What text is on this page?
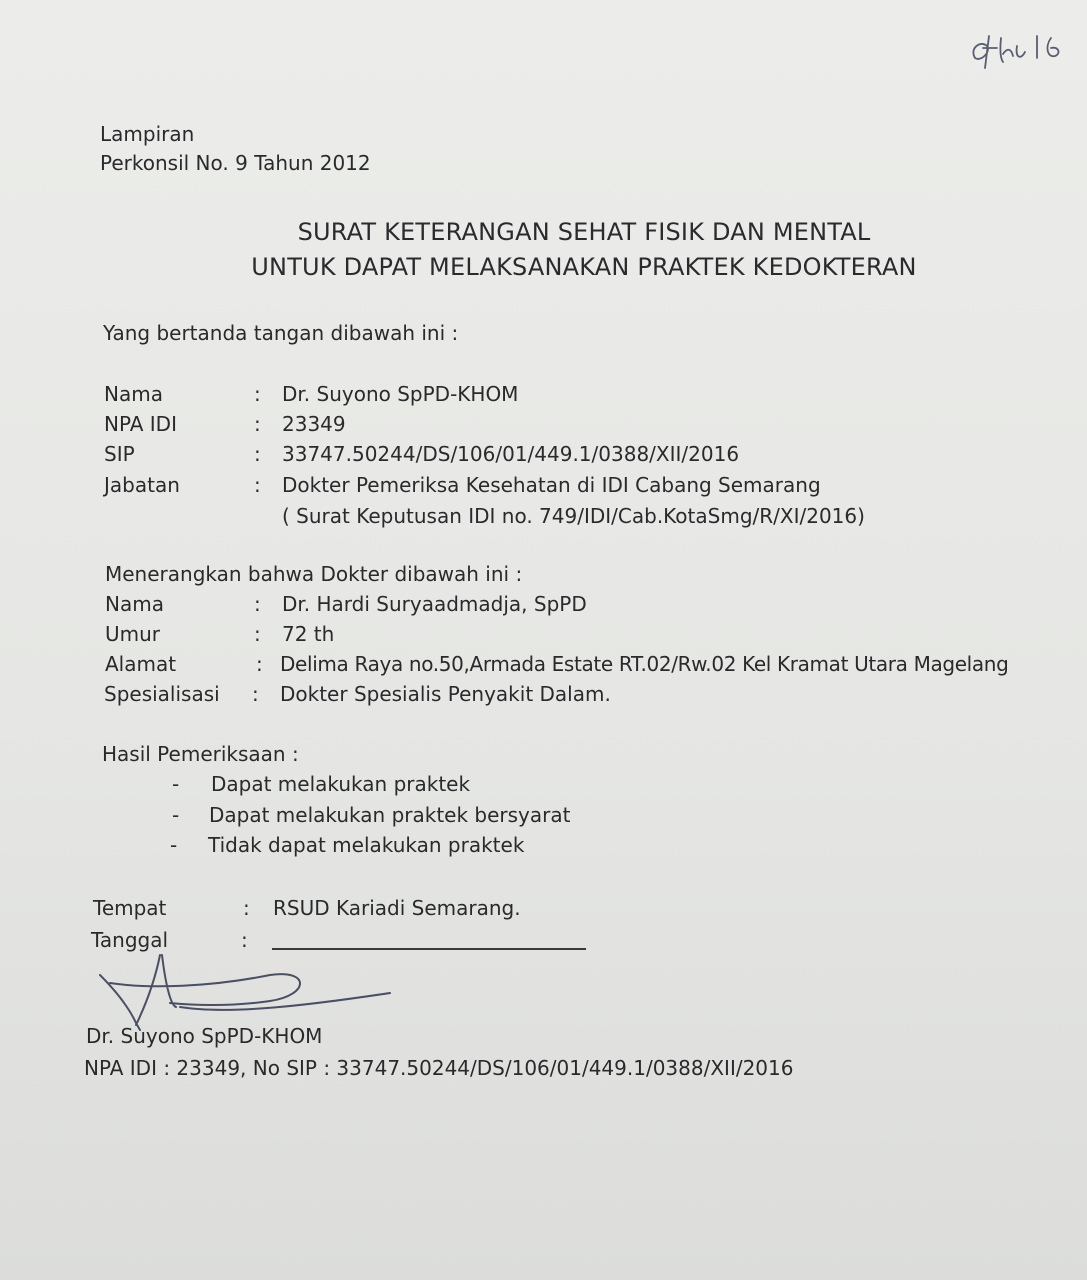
Lampiran
Perkonsil No. 9 Tahun 2012
SURAT KETERANGAN SEHAT FISIK DAN MENTAL
UNTUK DAPAT MELAKSANAKAN PRAKTEK KEDOKTERAN
Yang bertanda tangan dibawah ini :
Nama	: Dr. Suyono SpPD-KHOM
NPA IDI	: 23349
SIP	: 33747.50244/DS/106/01/449.1/0388/XII/2016
Jabatan	: Dokter Pemeriksa Kesehatan di IDI Cabang Semarang
( Surat Keputusan IDI no. 749/IDI/Cab.KotaSmg/R/XI/2016)
Menerangkan bahwa Dokter dibawah ini :
Nama	: Dr. Hardi Suryaadmadja, SpPD
Umur	: 72 th
Alamat	: Delima Raya no.50,Armada Estate RT.02/Rw.02 Kel Kramat Utara Magelang
Spesialisasi : Dokter Spesialis Penyakit Dalam.
Hasil Pemeriksaan :
- Dapat melakukan praktek
- Dapat melakukan praktek bersyarat
- Tidak dapat melakukan praktek
Tempat	: RSUD Kariadi Semarang.
Tanggal	:
Dr. Suyono SpPD-KHOM
NPA IDI : 23349, No SIP : 33747.50244/DS/106/01/449.1/0388/XII/2016
